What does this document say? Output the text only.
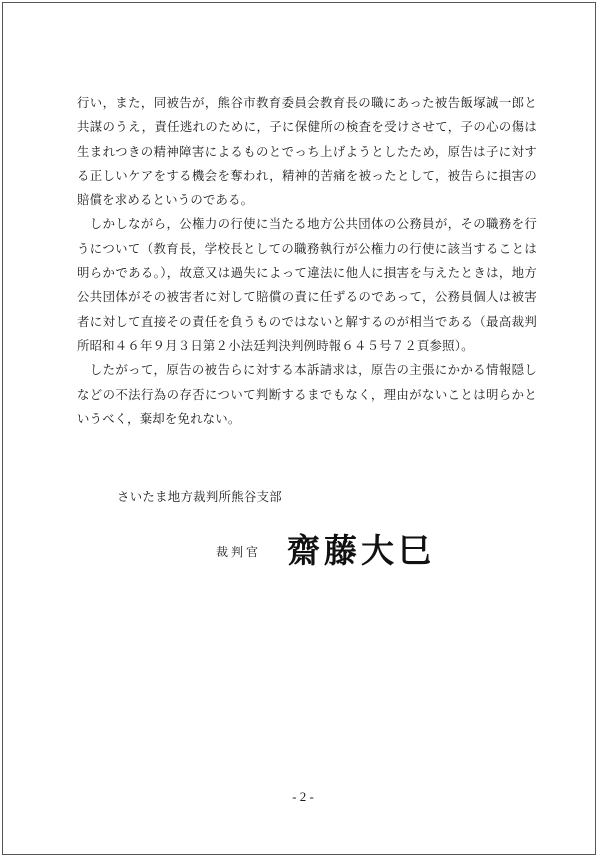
行い，また，同被告が，熊谷市教育委員会教育長の職にあった被告飯塚誠一郎と共謀のうえ，責任逃れのために，子に保健所の検査を受けさせて，子の心の傷は生まれつきの精神障害によるものとでっち上げようとしたため，原告は子に対する正しいケアをする機会を奪われ，精神的苦痛を被ったとして，被告らに損害の賠償を求めるというのである。

　しかしながら，公権力の行使に当たる地方公共団体の公務員が，その職務を行うについて（教育長，学校長としての職務執行が公権力の行使に該当することは明らかである。），故意又は過失によって違法に他人に損害を与えたときは，地方公共団体がその被害者に対して賠償の責に任ずるのであって，公務員個人は被害者に対して直接その責任を負うものではないと解するのが相当である（最高裁判所昭和４６年９月３日第２小法廷判決判例時報６４５号７２頁参照）。

　したがって，原告の被告らに対する本訴請求は，原告の主張にかかる情報隠しなどの不法行為の存否について判断するまでもなく，理由がないことは明らかというべく，棄却を免れない。

さいたま地方裁判所熊谷支部
裁判官 齋藤大巳
- 2 -
